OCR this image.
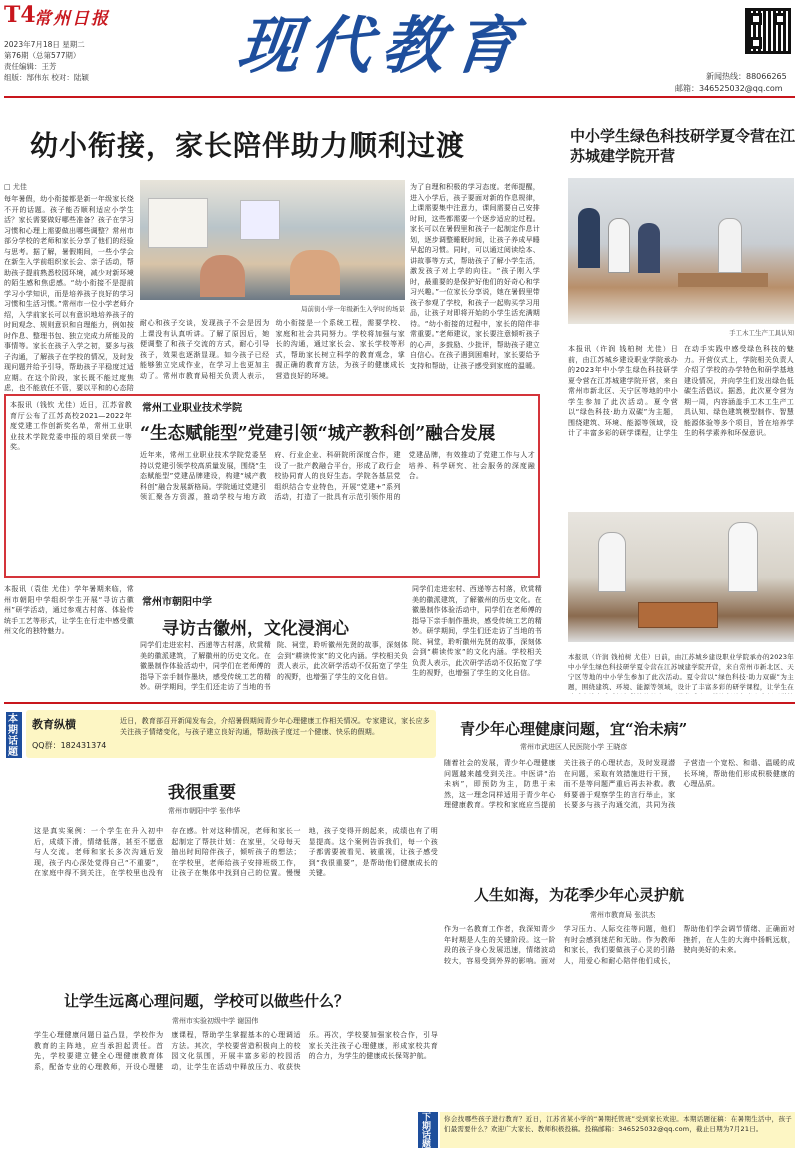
T4
常州日报
2023年7月18日 星期二
第76期（总第577期）
责任编辑：王芳
组版：郜伟东 校对：陆颖 现代教育	新闻热线：88066265
邮箱：346525032@qq.com
幼小衔接，家长陪伴助力顺利过渡
□ 尤佳
每年暑假，幼小衔接都是新一年级家长绕不开的话题。孩子能否顺利适应小学生活？家长需要做好哪些准备？孩子在学习习惯和心理上需要做出哪些调整？常州市部分学校的老师和家长分享了他们的经验与思考。据了解，暑假期间，一些小学会在新生入学前组织家长会、亲子活动，帮助孩子提前熟悉校园环境，减少对新环境的陌生感和焦虑感。“幼小衔接不是提前学习小学知识，而是培养孩子良好的学习习惯和生活习惯。”常州市一位小学老师介绍，入学前家长可以有意识地培养孩子的时间观念、规则意识和自理能力，例如按时作息、整理书包、独立完成力所能及的事情等。家长在孩子入学之初，要多与孩子沟通，了解孩子在学校的情况，及时发现问题并给予引导，帮助孩子平稳度过适应期。在这个阶段，家长既不能过度焦虑，也不能放任不管，要以平和的心态陪
局前街小学一年级新生入学时的场景
为了自理和积极的学习态度。老师提醒，进入小学后，孩子要面对新的作息规律，上课需要集中注意力，课间需要自己安排时间，这些都需要一个逐步适应的过程。家长可以在暑假里和孩子一起制定作息计划，逐步调整睡眠时间，让孩子养成早睡早起的习惯。同时，可以通过阅读绘本、讲故事等方式，帮助孩子了解小学生活，激发孩子对上学的向往。“孩子刚入学时，最重要的是保护好他们的好奇心和学习兴趣。”一位家长分享说，她在暑假里带孩子参观了学校，和孩子一起购买学习用品，让孩子对即将开始的小学生活充满期待。“幼小衔接的过程中，家长的陪伴非常重要。”老师建议，家长要注意倾听孩子的心声，多鼓励、少批评，帮助孩子建立自信心。在孩子遇到困难时，家长要给予支持和帮助，让孩子感受到家庭的温暖。
耐心和孩子交谈，发现孩子不会是因为上课没有认真听讲。了解了原因后，她便调整了和孩子交流的方式，耐心引导孩子，效果也逐渐显现。如今孩子已经能够独立完成作业，在学习上也更加主动了。常州市教育局相关负责人表示，幼小衔接是一个系统工程，需要学校、家庭和社会共同努力。学校将加强与家长的沟通，通过家长会、家长学校等形式，帮助家长树立科学的教育观念，掌握正确的教育方法，为孩子的健康成长营造良好的环境。
中小学生绿色科技研学夏令营在江苏城建学院开营
手工木工生产工具认知
本报讯（许润 钱柏树 尤佳）日前，由江苏城乡建设职业学院承办的2023年中小学生绿色科技研学夏令营在江苏城建学院开营，来自常州市新北区、天宁区等地的中小学生参加了此次活动。夏令营以“绿色科技·助力双碳”为主题，围绕建筑、环境、能源等领域，设计了丰富多彩的研学课程，让学生在动手实践中感受绿色科技的魅力。开营仪式上，学院相关负责人介绍了学校的办学特色和研学基地建设情况，并向学生们发出绿色低碳生活倡议。据悉，此次夏令营为期一周，内容涵盖手工木工生产工具认知、绿色建筑模型制作、智慧能源体验等多个项目，旨在培养学生的科学素养和环保意识。
本报讯（许润 钱柏树 尤佳）日前，由江苏城乡建设职业学院承办的2023年中小学生绿色科技研学夏令营在江苏城建学院开营，来自常州市新北区、天宁区等地的中小学生参加了此次活动。夏令营以“绿色科技·助力双碳”为主题，围绕建筑、环境、能源等领域，设计了丰富多彩的研学课程，让学生在
本报讯（钱钦 尤佳）近日，江苏省教育厅公布了江苏高校2021—2022年度党建工作创新奖名单，常州工业职业技术学院党委申报的项目荣获一等奖。
常州工业职业技术学院
“生态赋能型”党建引领“城产教科创”融合发展
近年来，常州工业职业技术学院党委坚持以党建引领学校高质量发展，围绕“生态赋能型”党建品牌建设，构建“城产教科创”融合发展新格局。学院通过党建引领汇聚各方资源，推动学校与地方政府、行业企业、科研院所深度合作，建设了一批产教融合平台，形成了政行企校协同育人的良好生态。学院各基层党组织结合专业特色，开展“党建+”系列活动，打造了一批具有示范引领作用的党建品牌，有效推动了党建工作与人才培养、科学研究、社会服务的深度融合。
本报讯（袁佳 尤佳）学年暑期来临，常州市朝阳中学组织学生开展“寻访古徽州”研学活动，通过参观古村落、体验传统手工艺等形式，让学生在行走中感受徽州文化的独特魅力。
常州市朝阳中学
寻访古徽州，文化浸润心
同学们走进宏村、西递等古村落，欣赏精美的徽派建筑，了解徽州的历史文化。在徽墨制作体验活动中，同学们在老师傅的指导下亲手制作墨块，感受传统工艺的精妙。研学期间，学生们还走访了当地的书院、祠堂，聆听徽州先贤的故事，深刻体会到“耕读传家”的文化内涵。学校相关负责人表示，此次研学活动不仅拓宽了学生的视野，也增强了学生的文化自信。
同学们走进宏村、西递等古村落，欣赏精美的徽派建筑，了解徽州的历史文化。在徽墨制作体验活动中，同学们在老师傅的指导下亲手制作墨块，感受传统工艺的精妙。研学期间，学生们还走访了当地的书院、祠堂，聆听徽州先贤的故事，深刻体会到“耕读传家”的文化内涵。学校相关负责人表示，此次研学活动不仅拓宽了学生的视野，也增强了学生的文化自信。
本期话题
教育纵横
QQ群：182431374
近日，教育部召开新闻发布会，介绍暑假期间青少年心理健康工作相关情况。专家建议，家长应多关注孩子情绪变化，与孩子建立良好沟通，帮助孩子度过一个健康、快乐的假期。
我很重要
常州市朝阳中学 张伟华
这是真实案例：一个学生在升入初中后，成绩下滑，情绪低落，甚至不愿意与人交流。老师和家长多次沟通后发现，孩子内心深处觉得自己“不重要”，在家庭中得不到关注，在学校里也没有存在感。针对这种情况，老师和家长一起制定了帮扶计划：在家里，父母每天抽出时间陪伴孩子，倾听孩子的想法；在学校里，老师给孩子安排班级工作，让孩子在集体中找到自己的位置。慢慢地，孩子变得开朗起来，成绩也有了明显提高。这个案例告诉我们，每一个孩子都需要被看见、被重视，让孩子感受到“我很重要”，是帮助他们健康成长的关键。
青少年心理健康问题，宜“治未病”
常州市武进区人民医院小学 王晓彦
随着社会的发展，青少年心理健康问题越来越受到关注。中医讲“治未病”，即预防为主，防患于未然，这一理念同样适用于青少年心理健康教育。学校和家庭应当提前关注孩子的心理状态，及时发现潜在问题，采取有效措施进行干预，而不是等问题严重后再去补救。教师要善于观察学生的言行举止，家长要多与孩子沟通交流，共同为孩子营造一个宽松、和谐、温暖的成长环境，帮助他们形成积极健康的心理品质。
人生如海，为花季少年心灵护航
常州市教育局 张洪杰
作为一名教育工作者，我深知青少年时期是人生的关键阶段。这一阶段的孩子身心发展迅速，情绪波动较大，容易受到外界的影响。面对学习压力、人际交往等问题，他们有时会感到迷茫和无助。作为教师和家长，我们要做孩子心灵的引路人，用爱心和耐心陪伴他们成长，帮助他们学会调节情绪、正确面对挫折，在人生的大海中扬帆远航，驶向美好的未来。
让学生远离心理问题，学校可以做些什么？
常州市实验初级中学 谢国伟
学生心理健康问题日益凸显，学校作为教育的主阵地，应当承担起责任。首先，学校要建立健全心理健康教育体系，配备专业的心理教师，开设心理健康课程，帮助学生掌握基本的心理调适方法。其次，学校要营造积极向上的校园文化氛围，开展丰富多彩的校园活动，让学生在活动中释放压力、收获快乐。再次，学校要加强家校合作，引导家长关注孩子心理健康，形成家校共育的合力，为学生的健康成长保驾护航。
下期话题
你会找哪些孩子进行教育？近日，江苏省某小学的“暑期托管班”受到家长欢迎。本期话题征稿：在暑期生活中，孩子们最需要什么？欢迎广大家长、教师积极投稿。投稿邮箱：346525032@qq.com，截止日期为7月21日。
